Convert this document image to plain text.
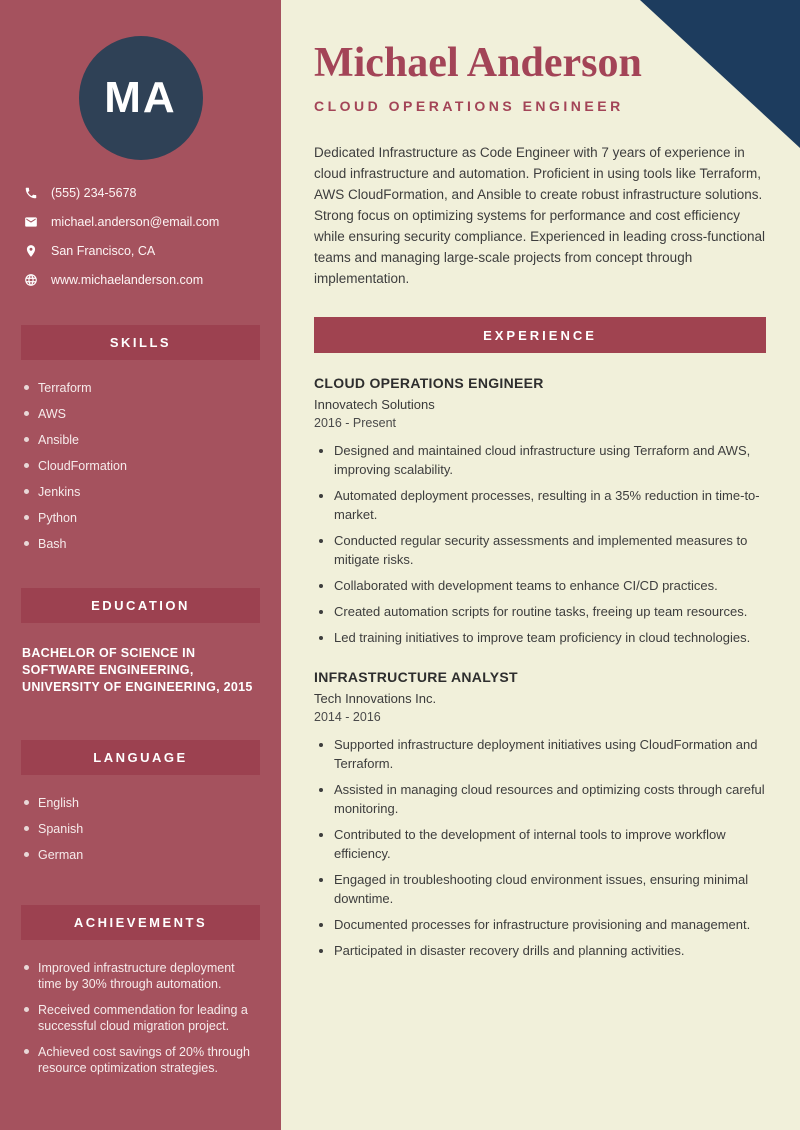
MA
(555) 234-5678
michael.anderson@email.com
San Francisco, CA
www.michaelanderson.com
SKILLS
Terraform
AWS
Ansible
CloudFormation
Jenkins
Python
Bash
EDUCATION
BACHELOR OF SCIENCE IN SOFTWARE ENGINEERING, UNIVERSITY OF ENGINEERING, 2015
LANGUAGE
English
Spanish
German
ACHIEVEMENTS
Improved infrastructure deployment time by 30% through automation.
Received commendation for leading a successful cloud migration project.
Achieved cost savings of 20% through resource optimization strategies.
Michael Anderson
CLOUD OPERATIONS ENGINEER

Dedicated Infrastructure as Code Engineer with 7 years of experience in cloud infrastructure and automation. Proficient in using tools like Terraform, AWS CloudFormation, and Ansible to create robust infrastructure solutions. Strong focus on optimizing systems for performance and cost efficiency while ensuring security compliance. Experienced in leading cross-functional teams and managing large-scale projects from concept through implementation.

EXPERIENCE
CLOUD OPERATIONS ENGINEER
Innovatech Solutions
2016 - Present
• Designed and maintained cloud infrastructure using Terraform and AWS, improving scalability.
• Automated deployment processes, resulting in a 35% reduction in time-to-market.
• Conducted regular security assessments and implemented measures to mitigate risks.
• Collaborated with development teams to enhance CI/CD practices.
• Created automation scripts for routine tasks, freeing up team resources.
• Led training initiatives to improve team proficiency in cloud technologies.
INFRASTRUCTURE ANALYST
Tech Innovations Inc.
2014 - 2016
• Supported infrastructure deployment initiatives using CloudFormation and Terraform.
• Assisted in managing cloud resources and optimizing costs through careful monitoring.
• Contributed to the development of internal tools to improve workflow efficiency.
• Engaged in troubleshooting cloud environment issues, ensuring minimal downtime.
• Documented processes for infrastructure provisioning and management.
• Participated in disaster recovery drills and planning activities.
